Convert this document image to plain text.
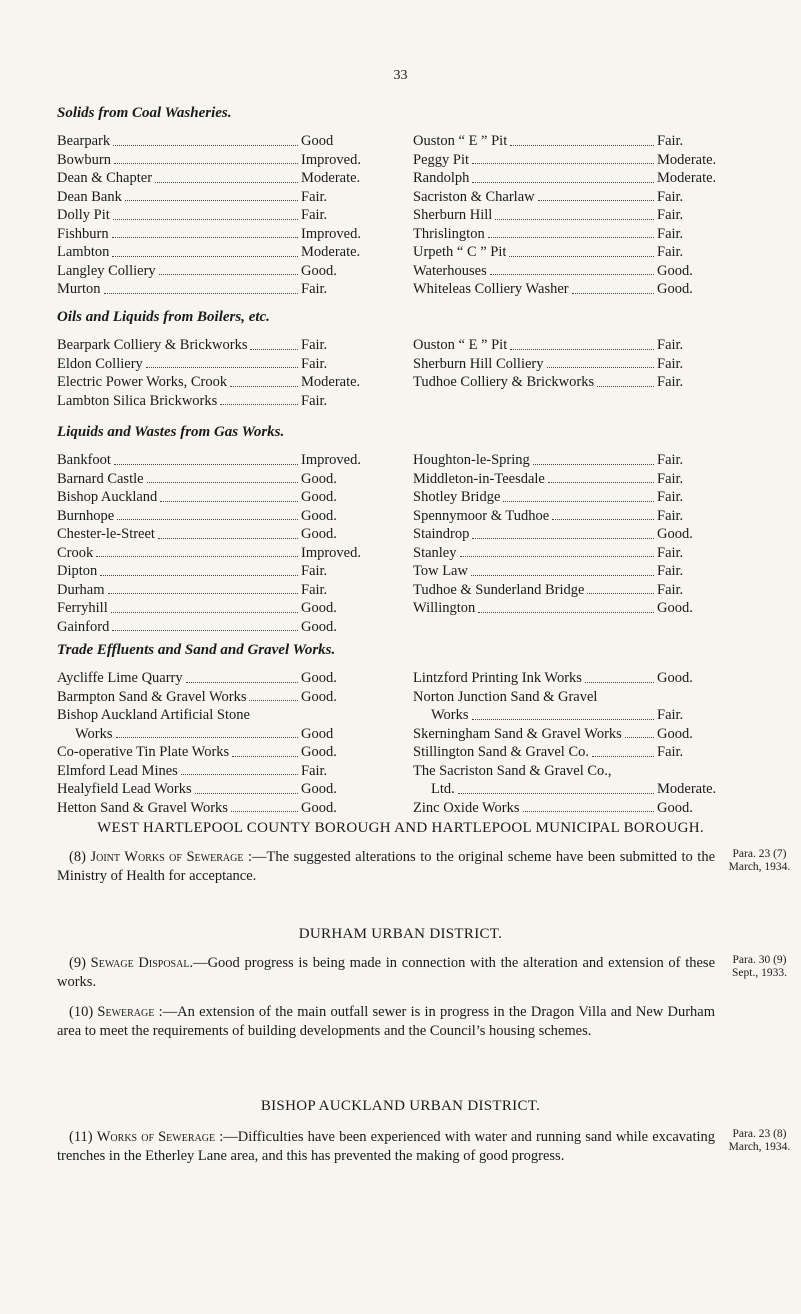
33
Solids from Coal Washeries.
Bearpark	Good
Bowburn	Improved.
Dean & Chapter	Moderate.
Dean Bank	Fair.
Dolly Pit	Fair.
Fishburn	Improved.
Lambton	Moderate.
Langley Colliery	Good.
Murton	Fair.
Ouston “ E ” Pit	Fair.
Peggy Pit	Moderate.
Randolph	Moderate.
Sacriston & Charlaw	Fair.
Sherburn Hill	Fair.
Thrislington	Fair.
Urpeth “ C ” Pit	Fair.
Waterhouses	Good.
Whiteleas Colliery Washer	Good.
Oils and Liquids from Boilers, etc.
Bearpark Colliery & Brickworks	Fair.
Eldon Colliery	Fair.
Electric Power Works, Crook	Moderate.
Lambton Silica Brickworks	Fair.
Ouston “ E ” Pit	Fair.
Sherburn Hill Colliery	Fair.
Tudhoe Colliery & Brickworks	Fair.
Liquids and Wastes from Gas Works.
Bankfoot	Improved.
Barnard Castle	Good.
Bishop Auckland	Good.
Burnhope	Good.
Chester-le-Street	Good.
Crook	Improved.
Dipton	Fair.
Durham	Fair.
Ferryhill	Good.
Gainford	Good.
Houghton-le-Spring	Fair.
Middleton-in-Teesdale	Fair.
Shotley Bridge	Fair.
Spennymoor & Tudhoe	Fair.
Staindrop	Good.
Stanley	Fair.
Tow Law	Fair.
Tudhoe & Sunderland Bridge	Fair.
Willington	Good.
Trade Effluents and Sand and Gravel Works.
Aycliffe Lime Quarry	Good.
Barmpton Sand & Gravel Works	Good.
Bishop Auckland Artificial Stone
Works	Good
Co-operative Tin Plate Works	Good.
Elmford Lead Mines	Fair.
Healyfield Lead Works	Good.
Hetton Sand & Gravel Works	Good.
Lintzford Printing Ink Works	Good.
Norton Junction Sand & Gravel
Works	Fair.
Skerningham Sand & Gravel Works Good.
Stillington Sand & Gravel Co.	Fair.
The Sacriston Sand & Gravel Co.,
Ltd.	Moderate.
Zinc Oxide Works	Good.
WEST HARTLEPOOL COUNTY BOROUGH AND HARTLEPOOL MUNICIPAL BOROUGH.

(8) Joint Works of Sewerage :—The suggested alterations to the original scheme have been submitted to the Ministry of Health for acceptance.

Para. 23 (7)
March, 1934.
DURHAM URBAN DISTRICT.

(9) Sewage Disposal.—Good progress is being made in connection with the alteration and extension of these works.

Para. 30 (9)
Sept., 1933.

(10) Sewerage :—An extension of the main outfall sewer is in progress in the Dragon Villa and New Durham area to meet the requirements of building developments and the Council’s housing schemes.

BISHOP AUCKLAND URBAN DISTRICT.

(11) Works of Sewerage :—Difficulties have been experienced with water and running sand while excavating trenches in the Etherley Lane area, and this has prevented the making of good progress.

Para. 23 (8)
March, 1934.
